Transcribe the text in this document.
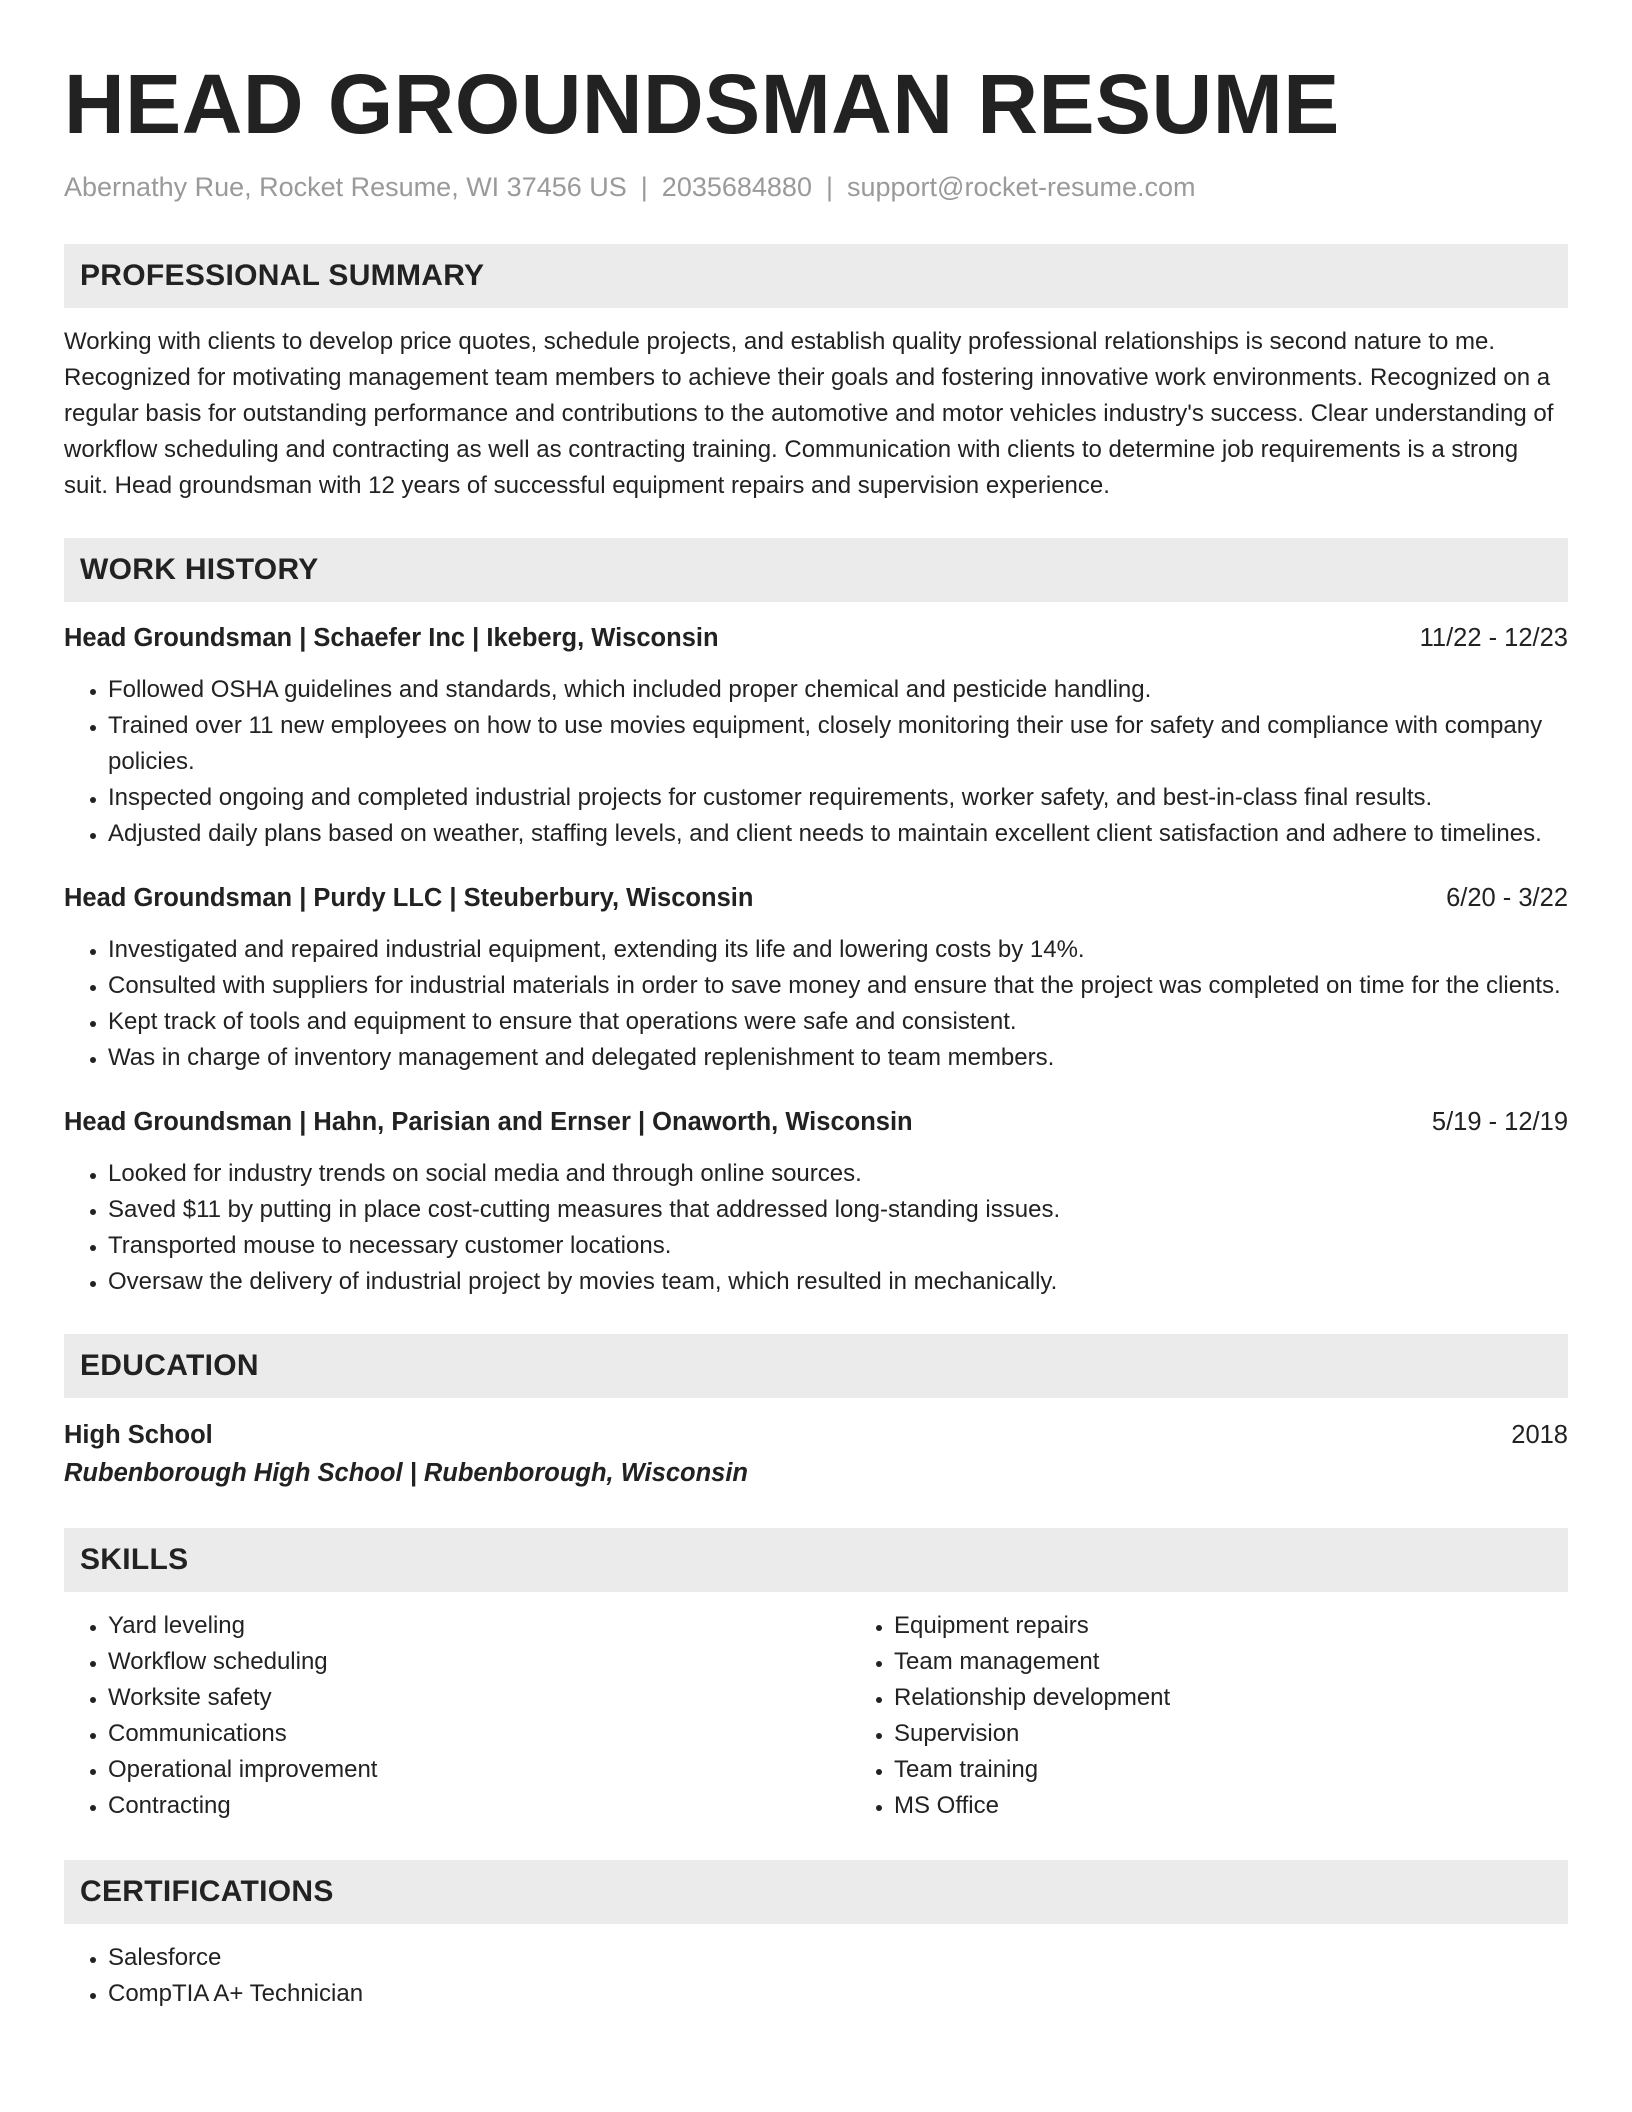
HEAD GROUNDSMAN RESUME
Abernathy Rue, Rocket Resume, WI 37456 US | 2035684880 | support@rocket-resume.com
PROFESSIONAL SUMMARY
Working with clients to develop price quotes, schedule projects, and establish quality professional relationships is second nature to me. Recognized for motivating management team members to achieve their goals and fostering innovative work environments. Recognized on a regular basis for outstanding performance and contributions to the automotive and motor vehicles industry's success. Clear understanding of workflow scheduling and contracting as well as contracting training. Communication with clients to determine job requirements is a strong suit. Head groundsman with 12 years of successful equipment repairs and supervision experience.
WORK HISTORY
Head Groundsman | Schaefer Inc | Ikeberg, Wisconsin	11/22 - 12/23
• Followed OSHA guidelines and standards, which included proper chemical and pesticide handling.
• Trained over 11 new employees on how to use movies equipment, closely monitoring their use for safety and compliance with company policies.
• Inspected ongoing and completed industrial projects for customer requirements, worker safety, and best-in-class final results.
• Adjusted daily plans based on weather, staffing levels, and client needs to maintain excellent client satisfaction and adhere to timelines.
Head Groundsman | Purdy LLC | Steuberbury, Wisconsin	6/20 - 3/22
• Investigated and repaired industrial equipment, extending its life and lowering costs by 14%.
• Consulted with suppliers for industrial materials in order to save money and ensure that the project was completed on time for the clients.
• Kept track of tools and equipment to ensure that operations were safe and consistent.
• Was in charge of inventory management and delegated replenishment to team members.
Head Groundsman | Hahn, Parisian and Ernser | Onaworth, Wisconsin	5/19 - 12/19
• Looked for industry trends on social media and through online sources.
• Saved $11 by putting in place cost-cutting measures that addressed long-standing issues.
• Transported mouse to necessary customer locations.
• Oversaw the delivery of industrial project by movies team, which resulted in mechanically.
EDUCATION
High School	2018
Rubenborough High School | Rubenborough, Wisconsin
SKILLS
• Yard leveling
• Workflow scheduling
• Worksite safety
• Communications
• Operational improvement
• Contracting
• Equipment repairs
• Team management
• Relationship development
• Supervision
• Team training
• MS Office
CERTIFICATIONS
• Salesforce
• CompTIA A+ Technician
